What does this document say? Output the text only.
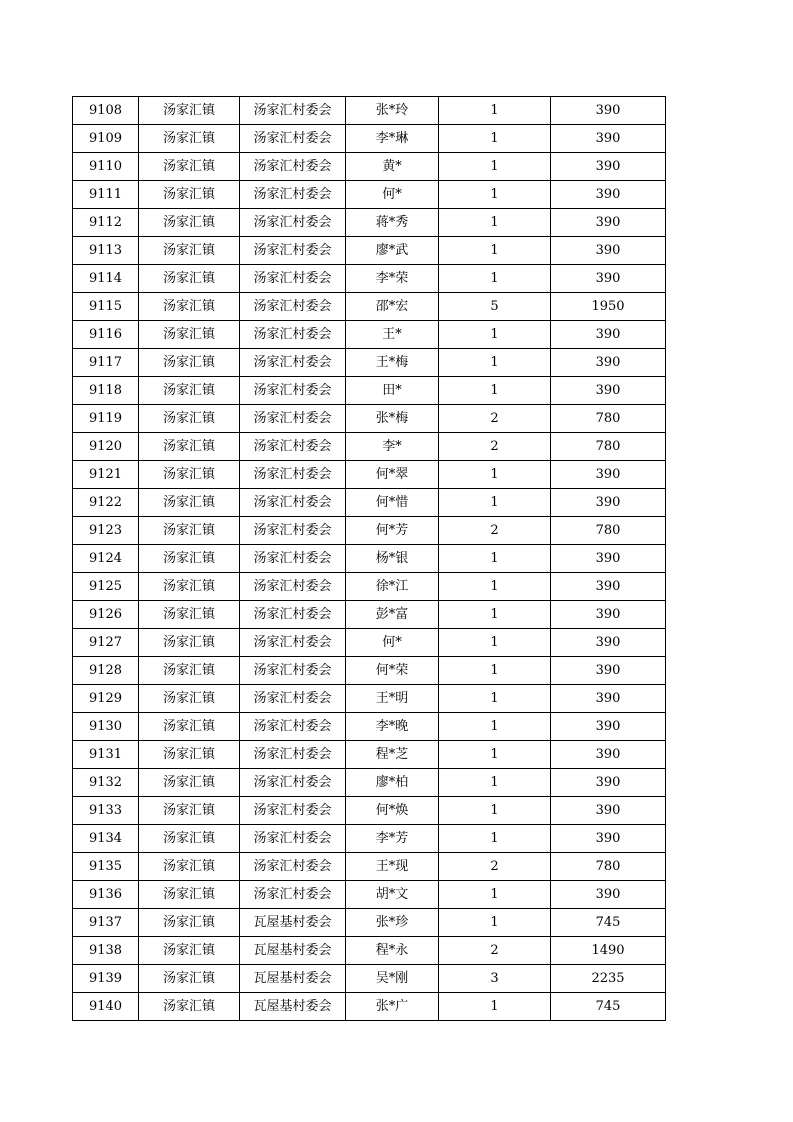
9108	汤家汇镇	汤家汇村委会	张*玲	1	390
9109	汤家汇镇	汤家汇村委会	李*琳	1	390
9110	汤家汇镇	汤家汇村委会	黄*	1	390
9111	汤家汇镇	汤家汇村委会	何*	1	390
9112	汤家汇镇	汤家汇村委会	蒋*秀	1	390
9113	汤家汇镇	汤家汇村委会	廖*武	1	390
9114	汤家汇镇	汤家汇村委会	李*荣	1	390
9115	汤家汇镇	汤家汇村委会	邵*宏	5	1950
9116	汤家汇镇	汤家汇村委会	王*	1	390
9117	汤家汇镇	汤家汇村委会	王*梅	1	390
9118	汤家汇镇	汤家汇村委会	田*	1	390
9119	汤家汇镇	汤家汇村委会	张*梅	2	780
9120	汤家汇镇	汤家汇村委会	李*	2	780
9121	汤家汇镇	汤家汇村委会	何*翠	1	390
9122	汤家汇镇	汤家汇村委会	何*惜	1	390
9123	汤家汇镇	汤家汇村委会	何*芳	2	780
9124	汤家汇镇	汤家汇村委会	杨*银	1	390
9125	汤家汇镇	汤家汇村委会	徐*江	1	390
9126	汤家汇镇	汤家汇村委会	彭*富	1	390
9127	汤家汇镇	汤家汇村委会	何*	1	390
9128	汤家汇镇	汤家汇村委会	何*荣	1	390
9129	汤家汇镇	汤家汇村委会	王*明	1	390
9130	汤家汇镇	汤家汇村委会	李*晚	1	390
9131	汤家汇镇	汤家汇村委会	程*芝	1	390
9132	汤家汇镇	汤家汇村委会	廖*柏	1	390
9133	汤家汇镇	汤家汇村委会	何*焕	1	390
9134	汤家汇镇	汤家汇村委会	李*芳	1	390
9135	汤家汇镇	汤家汇村委会	王*现	2	780
9136	汤家汇镇	汤家汇村委会	胡*文	1	390
9137	汤家汇镇	瓦屋基村委会	张*珍	1	745
9138	汤家汇镇	瓦屋基村委会	程*永	2	1490
9139	汤家汇镇	瓦屋基村委会	吴*刚	3	2235
9140	汤家汇镇	瓦屋基村委会	张*广	1	745
